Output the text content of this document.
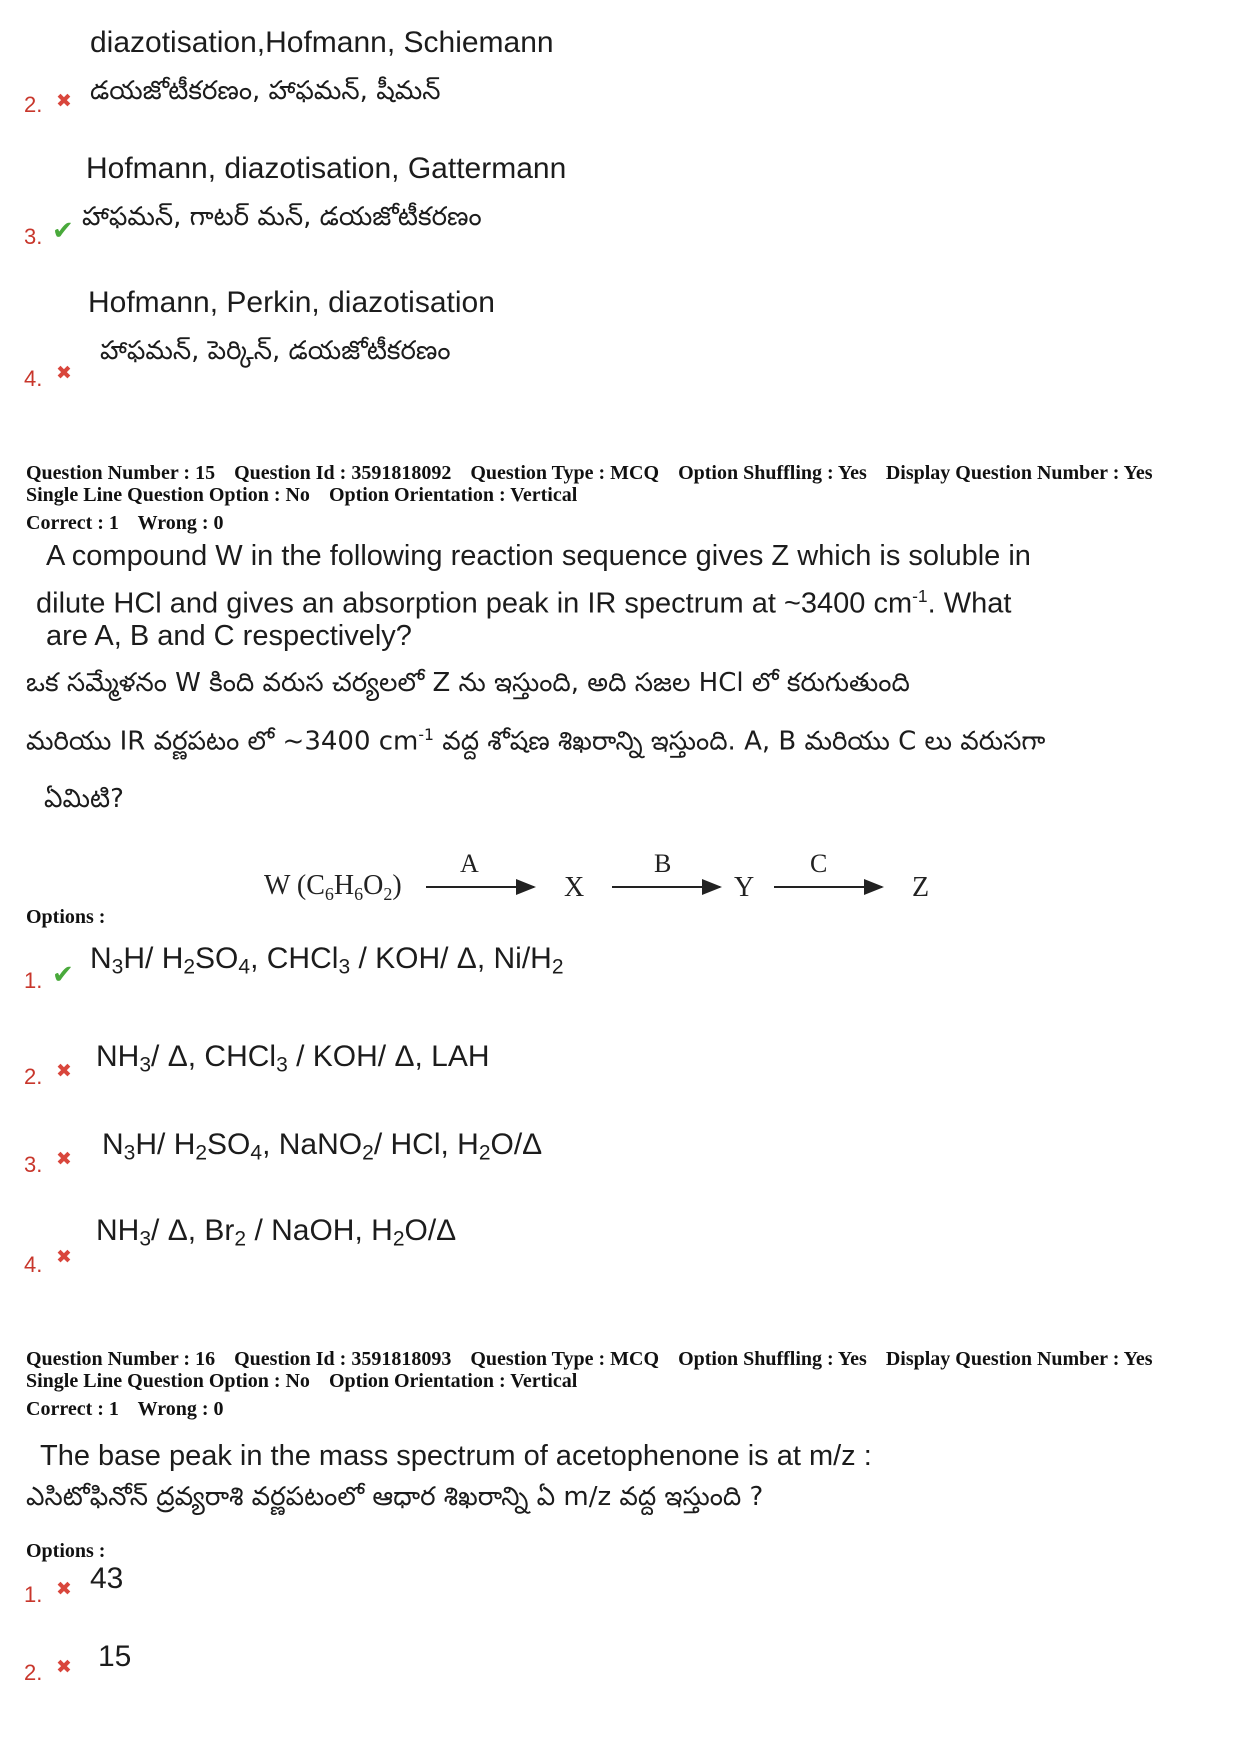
diazotisation,Hofmann, Schiemann
2. ✖ డయజోటీకరణం, హాఫమన్, షీమన్
Hofmann, diazotisation, Gattermann
3. ✔ హాఫమన్, గాటర్ మన్, డయజోటీకరణం
Hofmann, Perkin, diazotisation
4. ✖
హాఫమన్, పెర్కిన్, డయజోటీకరణం
Question Number : 15 Question Id : 3591818092 Question Type : MCQ Option Shuffling : Yes Display Question Number : Yes
Single Line Question Option : No Option Orientation : Vertical
Correct : 1 Wrong : 0
A compound W in the following reaction sequence gives Z which is soluble in
dilute HCl and gives an absorption peak in IR spectrum at ~3400 $cm^{-1}$. What
are A, B and C respectively?
ఒక సమ్మేళనం W కింది వరుస చర్యలలో Z ను ఇస్తుంది, అది సజల HCl లో కరుగుతుంది
మరియు IR వర్ణపటం లో ~3400 $cm^{-1}$ వద్ద శోషణ శిఖరాన్ని ఇస్తుంది. A, B మరియు C లు వరుసగా
ఏమిటి?
W $(C_6H_6O_2)$
A
X
B
Y
C
Z
Options :
1. ✔ $N_3H/$ $H_2SO_4$, CHCl$_3$ / KOH/ Δ, $Ni/H_2$
2. ✖ $NH_3/$ Δ, CHCl$_3$ / KOH/ Δ, LAH
3. ✖ $N_3H/$ $H_2SO_4$, NaNO$_2$/ HCl, $H_2O/\Delta$
4. ✖
$NH_3/$ Δ, $Br_2$ / NaOH, $H_2O/\Delta$
Question Number : 16 Question Id : 3591818093 Question Type : MCQ Option Shuffling : Yes Display Question Number : Yes
Single Line Question Option : No Option Orientation : Vertical
Correct : 1 Wrong : 0
The base peak in the mass spectrum of acetophenone is at m/z :
ఎసిటోఫినోన్ ద్రవ్యరాశి వర్ణపటంలో ఆధార శిఖరాన్ని ఏ m/z వద్ద ఇస్తుంది ?
Options :
1. ✖ 43
2. ✖ 15
